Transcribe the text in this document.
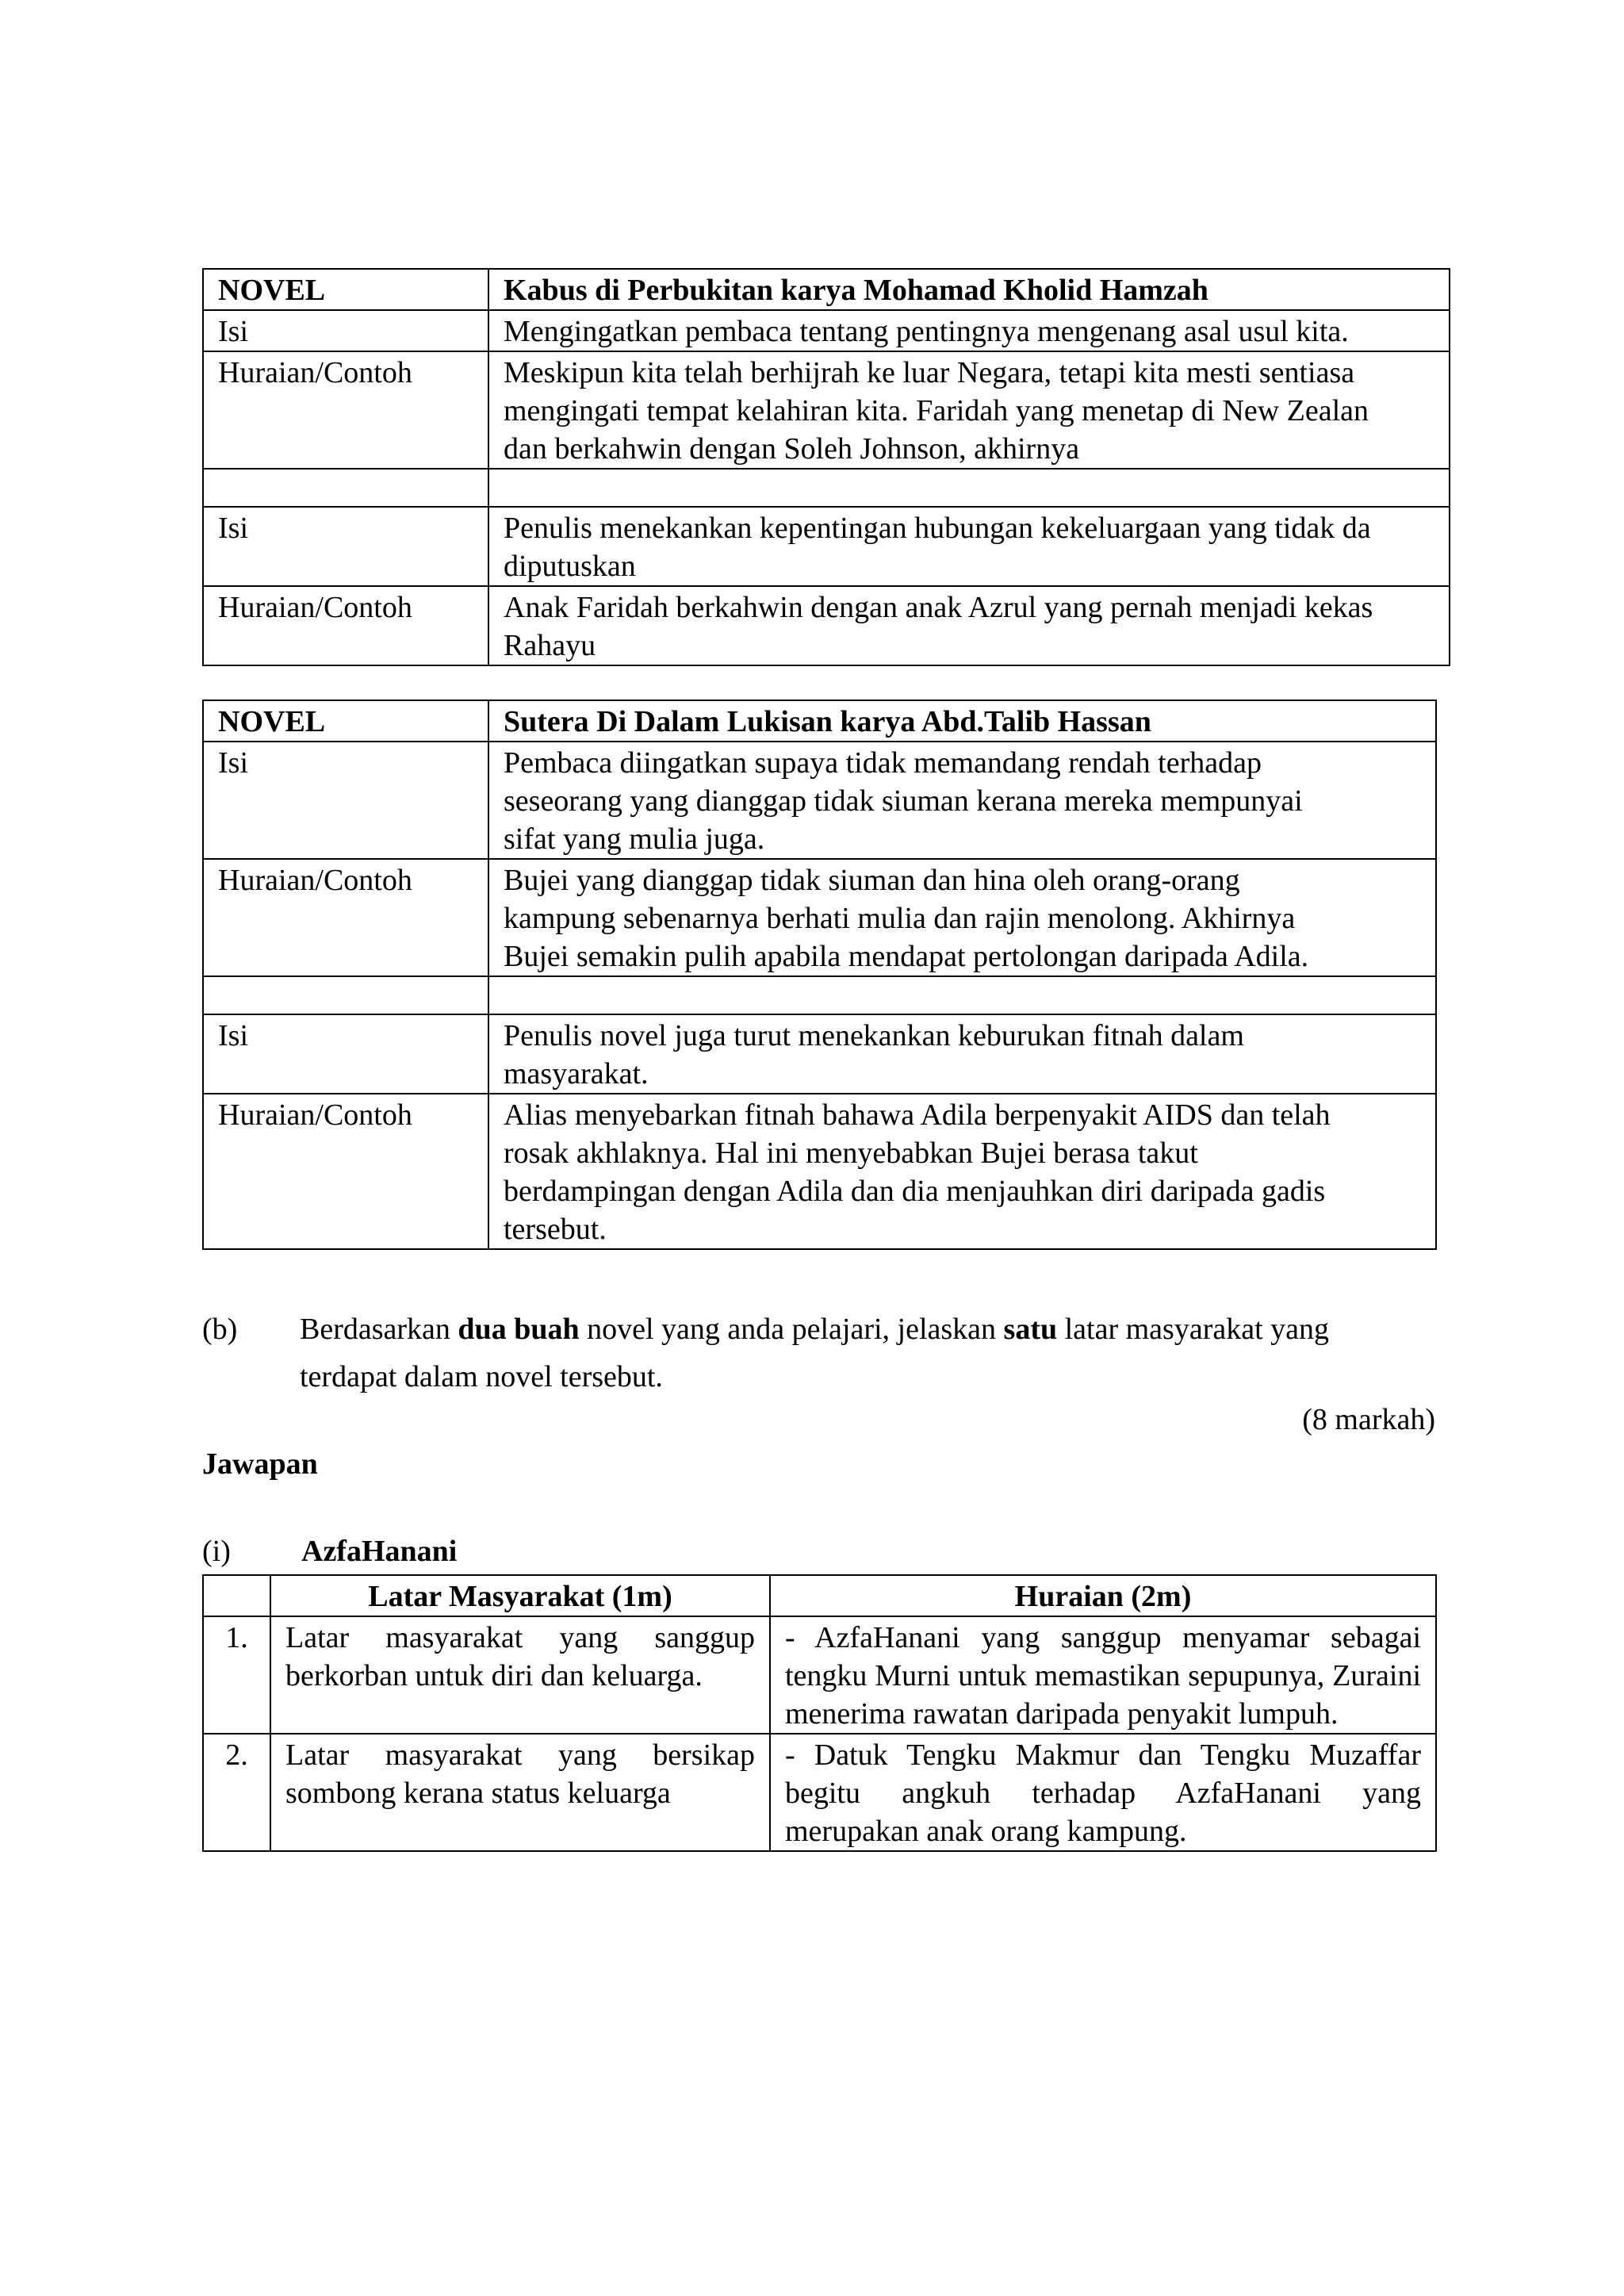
NOVEL	Kabus di Perbukitan karya Mohamad Kholid Hamzah
Isi	Mengingatkan pembaca tentang pentingnya mengenang asal usul kita.
Huraian/Contoh	Meskipun kita telah berhijrah ke luar Negara, tetapi kita mesti sentiasa
mengingati tempat kelahiran kita. Faridah yang menetap di New Zealan
dan berkahwin dengan Soleh Johnson, akhirnya

Isi	Penulis menekankan kepentingan hubungan kekeluargaan yang tidak da
diputuskan

Huraian/Contoh	Anak Faridah berkahwin dengan anak Azrul yang pernah menjadi kekas
Rahayu
NOVEL	Sutera Di Dalam Lukisan karya Abd.Talib Hassan
Isi	Pembaca diingatkan supaya tidak memandang rendah terhadap
seseorang yang dianggap tidak siuman kerana mereka mempunyai
sifat yang mulia juga.

Huraian/Contoh	Bujei yang dianggap tidak siuman dan hina oleh orang-orang
kampung sebenarnya berhati mulia dan rajin menolong. Akhirnya
Bujei semakin pulih apabila mendapat pertolongan daripada Adila.

Isi	Penulis novel juga turut menekankan keburukan fitnah dalam
masyarakat.

Huraian/Contoh	Alias menyebarkan fitnah bahawa Adila berpenyakit AIDS dan telah
rosak akhlaknya. Hal ini menyebabkan Bujei berasa takut
berdampingan dengan Adila dan dia menjauhkan diri daripada gadis
tersebut.
(b) Berdasarkan dua buah novel yang anda pelajari, jelaskan satu latar masyarakat yang
terdapat dalam novel tersebut.
(8 markah)
Jawapan
(i) AzfaHanani
	Latar Masyarakat (1m)	Huraian (2m)
1.	Latar masyarakat yang sanggup berkorban untuk diri dan keluarga.	- AzfaHanani yang sanggup menyamar sebagai tengku Murni untuk memastikan sepupunya, Zuraini menerima rawatan daripada penyakit lumpuh.
2.	Latar masyarakat yang bersikap sombong kerana status keluarga	- Datuk Tengku Makmur dan Tengku Muzaffar begitu angkuh terhadap AzfaHanani yang merupakan anak orang kampung.
